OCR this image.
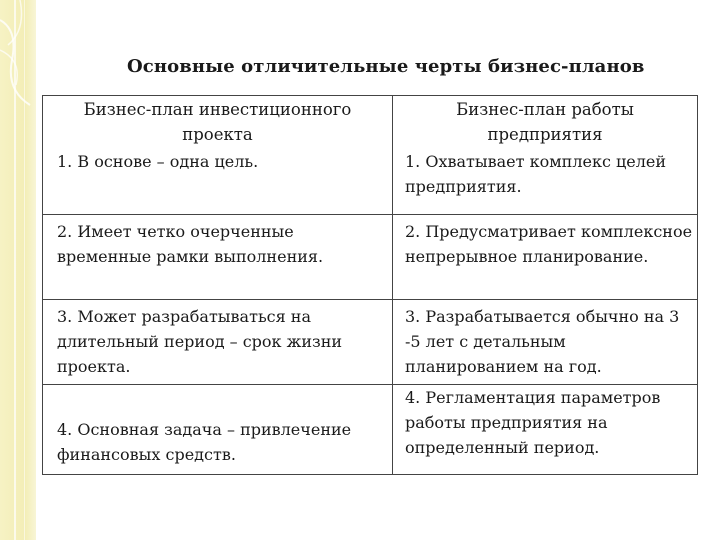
Основные отличительные черты бизнес-планов
Бизнес-план инвестиционного проекта	Бизнес-план работы предприятия
1. В основе – одна цель.	1. Охватывает комплекс целей предприятия.
2. Имеет четко очерченные временные рамки выполнения.	2. Предусматривает комплексное непрерывное планирование.
3. Может разрабатываться на длительный период – срок жизни проекта.	3. Разрабатывается обычно на 3 -5 лет с детальным планированием на год.
4. Основная задача – привлечение финансовых средств.	4. Регламентация параметров работы предприятия на определенный период.
